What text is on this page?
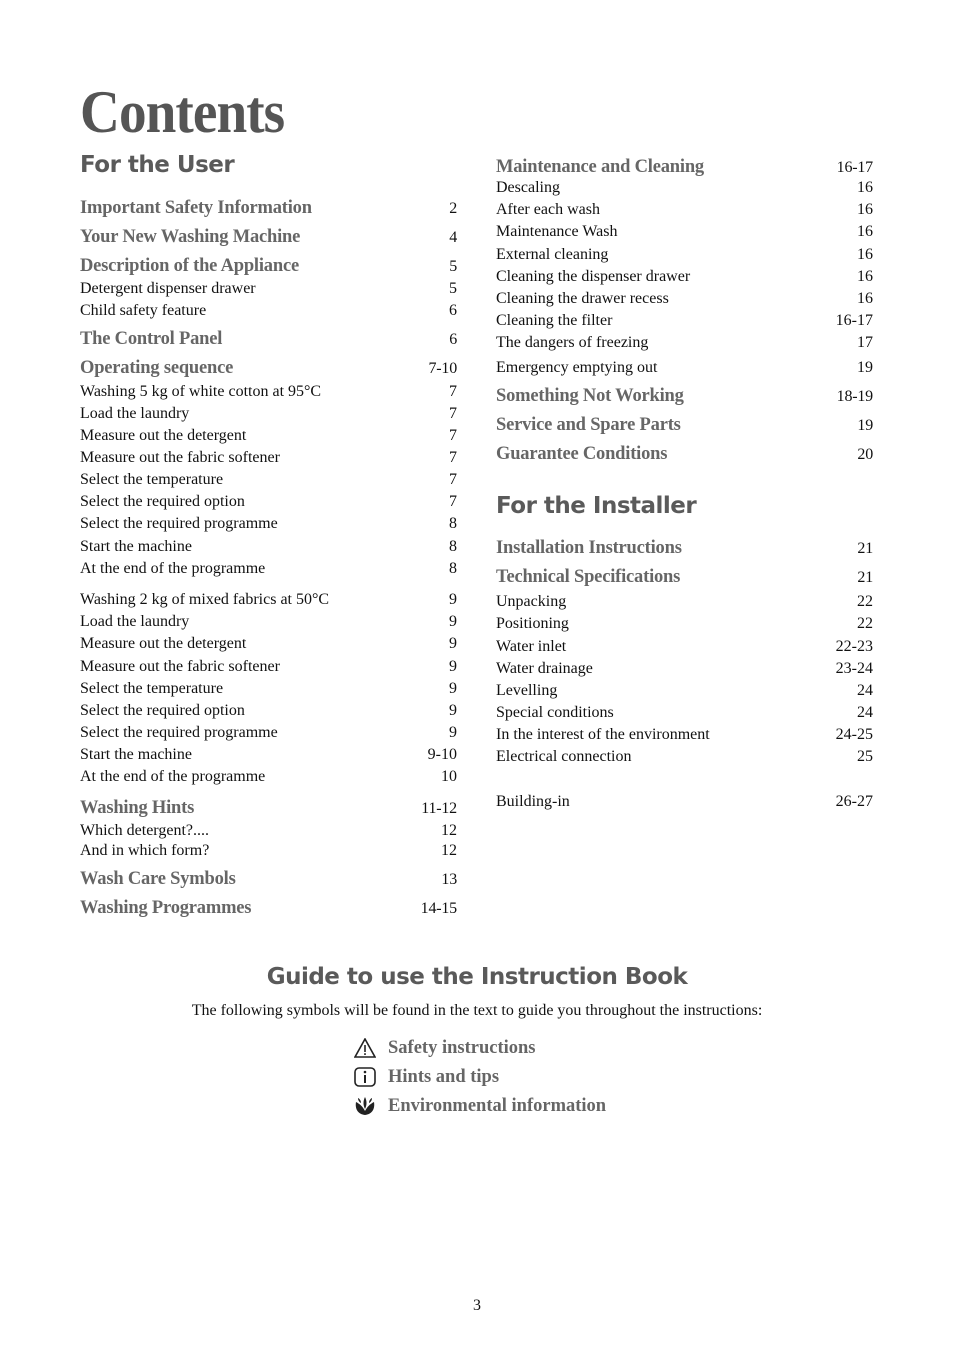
Contents
For the User
Important Safety Information	2
Your New Washing Machine	4
Description of the Appliance	5
Detergent dispenser drawer	5
Child safety feature	6
The Control Panel	6
Operating sequence	7-10
Washing 5 kg of white cotton at 95°C	7
Load the laundry	7
Measure out the detergent	7
Measure out the fabric softener	7
Select the temperature	7
Select the required option	7
Select the required programme	8
Start the machine	8
At the end of the programme	8
Washing 2 kg of mixed fabrics at 50°C	9
Load the laundry	9
Measure out the detergent	9
Measure out the fabric softener	9
Select the temperature	9
Select the required option	9
Select the required programme	9
Start the machine	9-10
At the end of the programme	10
Washing Hints	11-12
Which detergent?....	12
And in which form?	12
Wash Care Symbols	13
Washing Programmes	14-15
Maintenance and Cleaning	16-17
Descaling	16
After each wash	16
Maintenance Wash	16
External cleaning	16
Cleaning the dispenser drawer	16
Cleaning the drawer recess	16
Cleaning the filter	16-17
The dangers of freezing	17
Emergency emptying out	19
Something Not Working	18-19
Service and Spare Parts	19
Guarantee Conditions	20
For the Installer
Installation Instructions	21
Technical Specifications	21
Unpacking	22
Positioning	22
Water inlet	22-23
Water drainage	23-24
Levelling	24
Special conditions	24
In the interest of the environment	24-25
Electrical connection	25
Building-in	26-27
Guide to use the Instruction Book
The following symbols will be found in the text to guide you throughout the instructions:
Safety instructions
Hints and tips
Environmental information
3
